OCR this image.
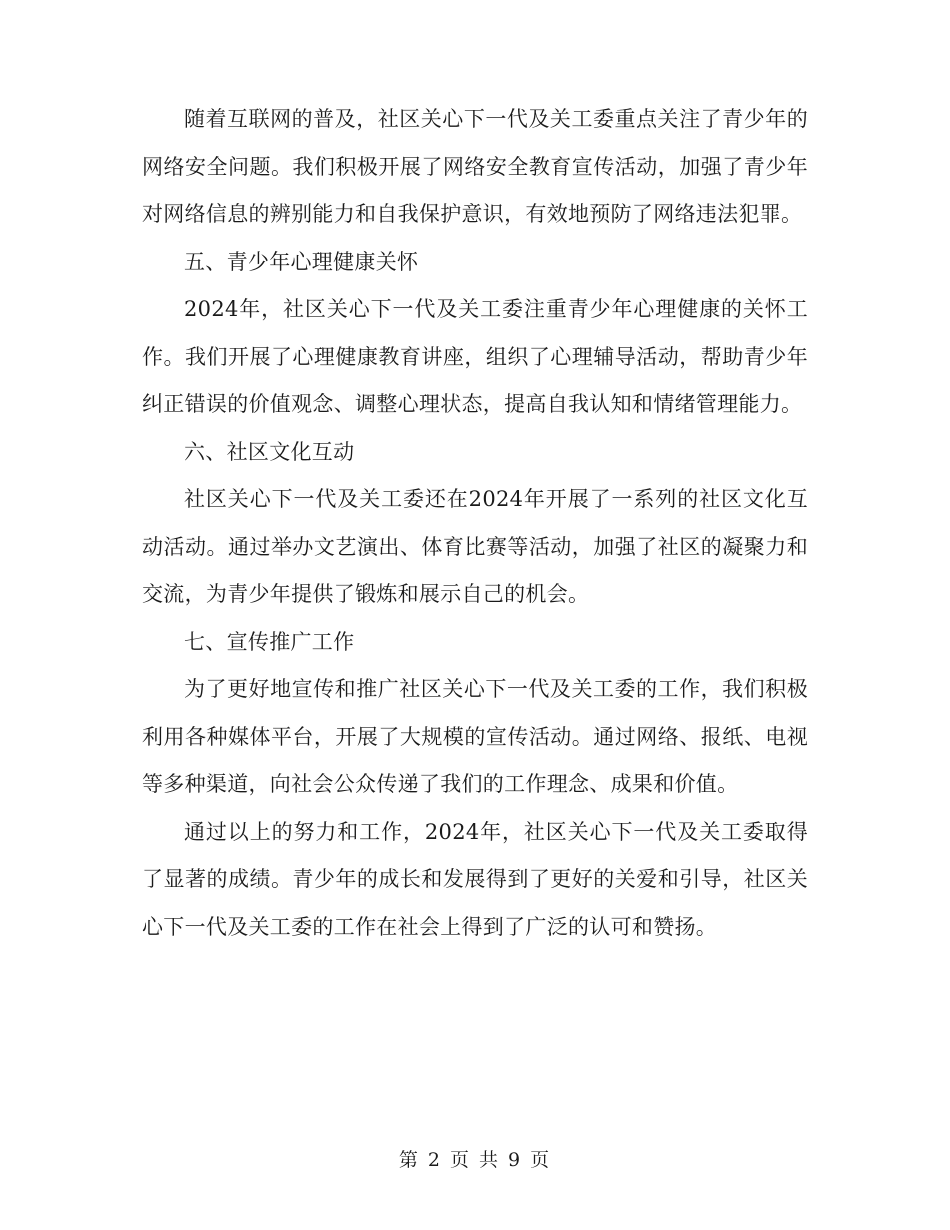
随着互联网的普及，社区关心下一代及关工委重点关注了青少年的网络安全问题。我们积极开展了网络安全教育宣传活动，加强了青少年对网络信息的辨别能力和自我保护意识，有效地预防了网络违法犯罪。

五、青少年心理健康关怀

2024年，社区关心下一代及关工委注重青少年心理健康的关怀工作。我们开展了心理健康教育讲座，组织了心理辅导活动，帮助青少年纠正错误的价值观念、调整心理状态，提高自我认知和情绪管理能力。

六、社区文化互动

社区关心下一代及关工委还在2024年开展了一系列的社区文化互动活动。通过举办文艺演出、体育比赛等活动，加强了社区的凝聚力和交流，为青少年提供了锻炼和展示自己的机会。

七、宣传推广工作

为了更好地宣传和推广社区关心下一代及关工委的工作，我们积极利用各种媒体平台，开展了大规模的宣传活动。通过网络、报纸、电视等多种渠道，向社会公众传递了我们的工作理念、成果和价值。

通过以上的努力和工作，2024年，社区关心下一代及关工委取得了显著的成绩。青少年的成长和发展得到了更好的关爱和引导，社区关心下一代及关工委的工作在社会上得到了广泛的认可和赞扬。

第 2 页 共 9 页
